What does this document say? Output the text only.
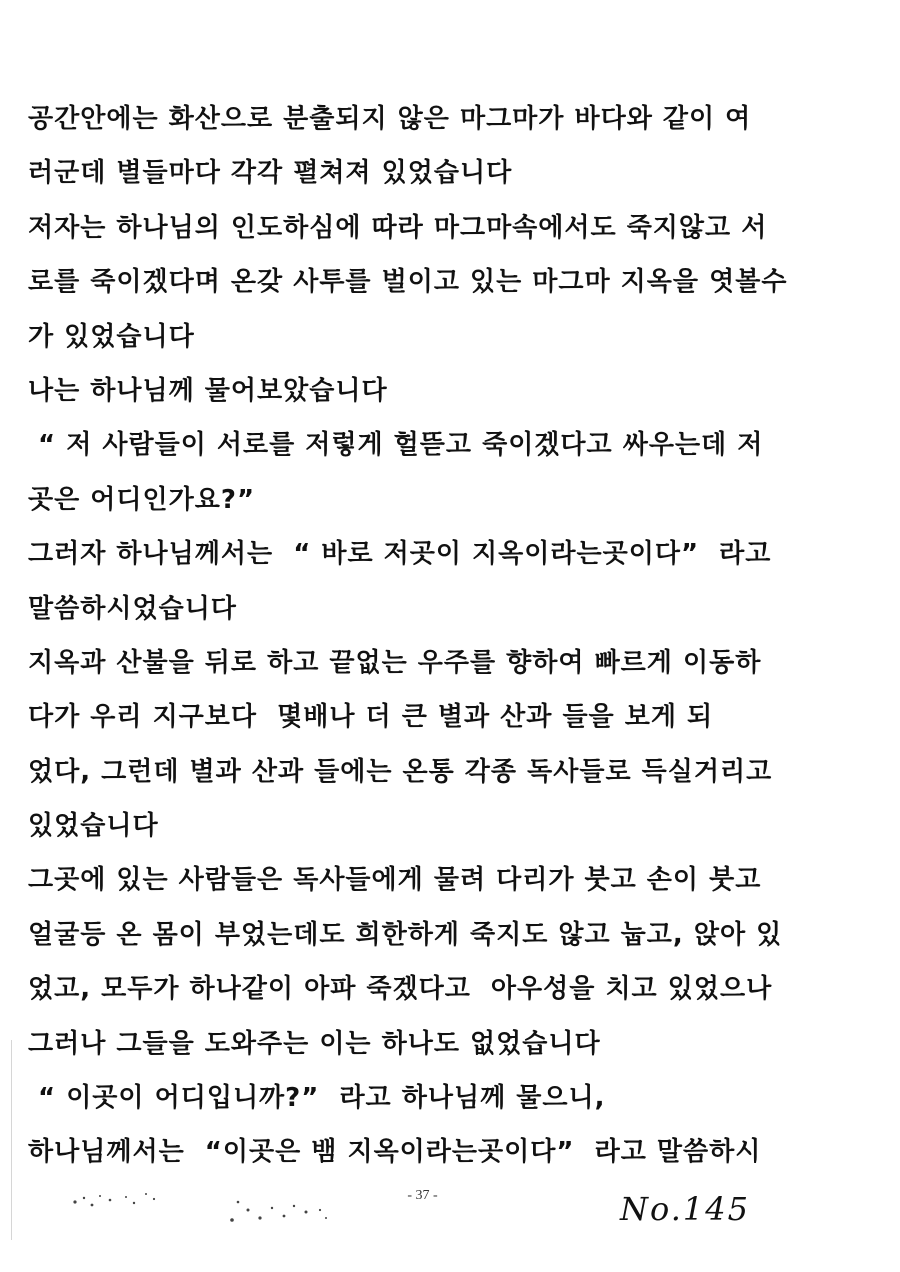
공간안에는 화산으로 분출되지 않은 마그마가 바다와 같이 여
러군데 별들마다 각각 펼쳐져 있었습니다
저자는 하나님의 인도하심에 따라 마그마속에서도 죽지않고 서
로를 죽이겠다며 온갖 사투를 벌이고 있는 마그마 지옥을 엿볼수
가 있었습니다
나는 하나님께 물어보았습니다
“ 저 사람들이 서로를 저렇게 헐뜯고 죽이겠다고 싸우는데 저
곳은 어디인가요?”
그러자 하나님께서는  “ 바로 저곳이 지옥이라는곳이다”  라고
말씀하시었습니다
지옥과 산불을 뒤로 하고 끝없는 우주를 향하여 빠르게 이동하
다가 우리 지구보다  몇배나 더 큰 별과 산과 들을 보게 되
었다, 그런데 별과 산과 들에는 온통 각종 독사들로 득실거리고
있었습니다
그곳에 있는 사람들은 독사들에게 물려 다리가 붓고 손이 붓고
얼굴등 온 몸이 부었는데도 희한하게 죽지도 않고 눕고, 앉아 있
었고, 모두가 하나같이 아파 죽겠다고  아우성을 치고 있었으나
그러나 그들을 도와주는 이는 하나도 없었습니다
“ 이곳이 어디입니까?”  라고 하나님께 물으니,
하나님께서는  “이곳은 뱀 지옥이라는곳이다”  라고 말씀하시
- 37 -	No.145
